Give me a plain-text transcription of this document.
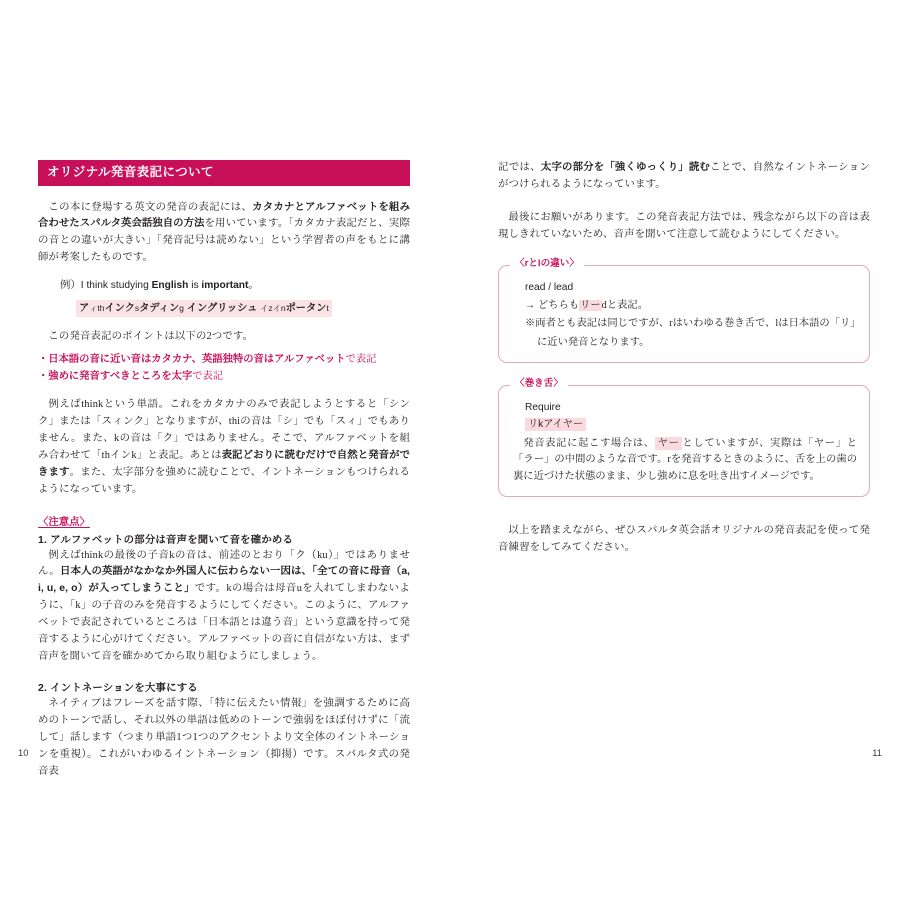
オリジナル発音表記について

この本に登場する英文の発音の表記には、カタカナとアルファベットを組み合わせたスパルタ英会話独自の方法を用いています。「カタカナ表記だと、実際の音との違いが大きい」「発音記号は読めない」という学習者の声をもとに講師が考案したものです。

例）I think studying English is important。
アィthインクsタディンg イングリッシュ イzイnポータンt

この発音表記のポイントは以下の2つです。

・日本語の音に近い音はカタカナ、英語独特の音はアルファベットで表記
・強めに発音すべきところを太字で表記

例えばthinkという単語。これをカタカナのみで表記しようとすると「シンク」または「スィンク」となりますが、thiの音は「シ」でも「スィ」でもありません。また、kの音は「ク」ではありません。そこで、アルファベットを組み合わせて「thインk」と表記。あとは表記どおりに読むだけで自然と発音ができます。また、太字部分を強めに読むことで、イントネーションもつけられるようになっています。

〈注意点〉
1. アルファベットの部分は音声を聞いて音を確かめる

例えばthinkの最後の子音kの音は、前述のとおり「ク（ku）」ではありません。日本人の英語がなかなか外国人に伝わらない一因は、「全ての音に母音（a, i, u, e, o）が入ってしまうこと」です。kの場合は母音uを入れてしまわないように、「k」の子音のみを発音するようにしてください。このように、アルファベットで表記されているところは「日本語とは違う音」という意識を持って発音するように心がけてください。アルファベットの音に自信がない方は、まず音声を聞いて音を確かめてから取り組むようにしましょう。

2. イントネーションを大事にする

ネイティブはフレーズを話す際、「特に伝えたい情報」を強調するために高めのトーンで話し、それ以外の単語は低めのトーンで強弱をほぼ付けずに「流して」話します（つまり単語1つ1つのアクセントより文全体のイントネーションを重視）。これがいわゆるイントネーション（抑揚）です。スパルタ式の発音表

10

記では、太字の部分を「強くゆっくり」読むことで、自然なイントネーションがつけられるようになっています。

最後にお願いがあります。この発音表記方法では、残念ながら以下の音は表現しきれていないため、音声を聞いて注意して読むようにしてください。

〈rとlの違い〉
read / lead
→ どちらもリーdと表記。
※両者とも表記は同じですが、rはいわゆる巻き舌で、lは日本語の「リ」
に近い発音となります。
〈巻き舌〉
Require
リkアイヤー
発音表記に起こす場合は、 ヤー としていますが、実際は「ヤー」と「ラー」の中間のような音です。rを発音するときのように、舌を上の歯の裏に近づけた状態のまま、少し強めに息を吐き出すイメージです。

以上を踏まえながら、ぜひスパルタ英会話オリジナルの発音表記を使って発音練習をしてみてください。

11
